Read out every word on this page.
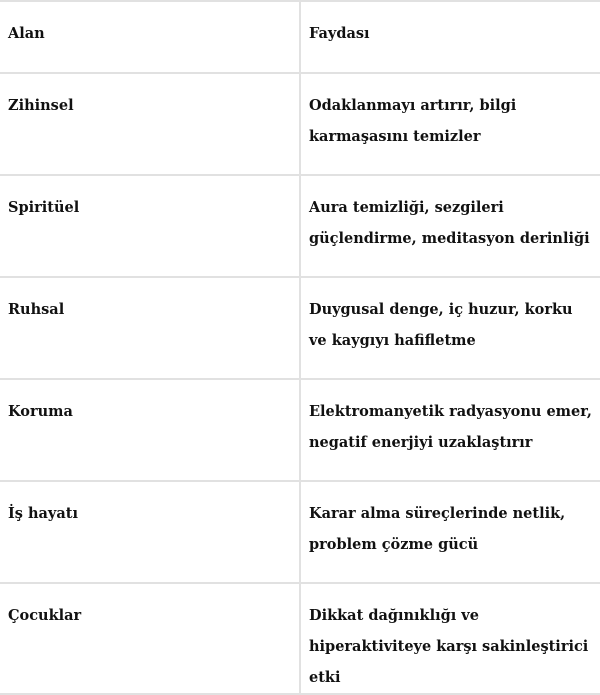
Alan	Faydası
Zihinsel	Odaklanmayı artırır, bilgi karmaşasını temizler
Spiritüel	Aura temizliği, sezgileri güçlendirme, meditasyon derinliği
Ruhsal	Duygusal denge, iç huzur, korku ve kaygıyı hafifletme
Koruma	Elektromanyetik radyasyonu emer, negatif enerjiyi uzaklaştırır
İş hayatı	Karar alma süreçlerinde netlik, problem çözme gücü
Çocuklar	Dikkat dağınıklığı ve hiperaktiviteye karşı sakinleştirici etki
